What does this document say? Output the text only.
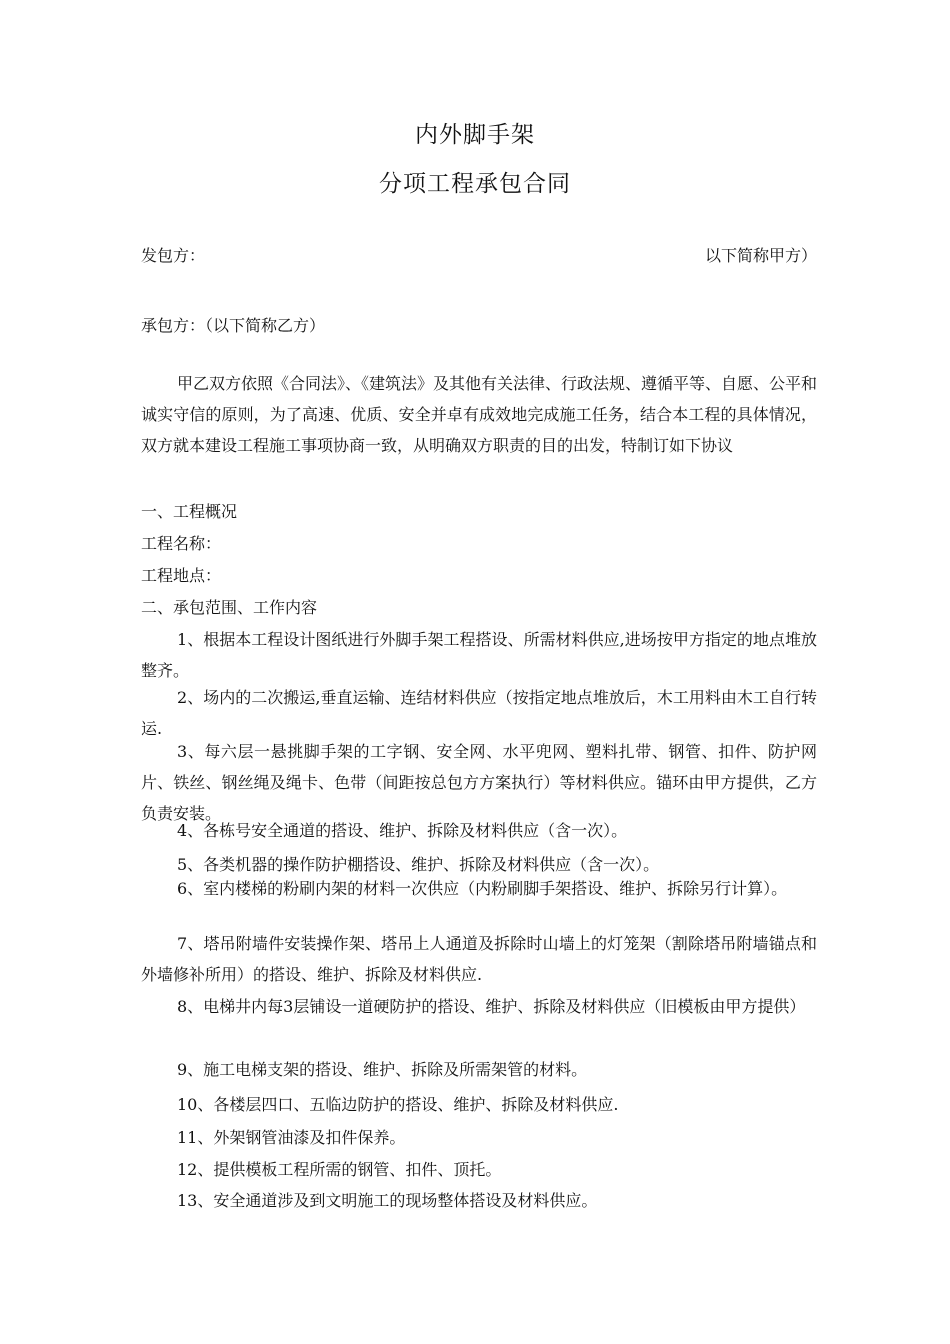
内外脚手架
分项工程承包合同
发包方：	以下简称甲方）
承包方：（以下简称乙方）
甲乙双方依照《合同法》、《建筑法》及其他有关法律、行政法规、遵循平等、自愿、公平和诚实守信的原则，为了高速、优质、安全并卓有成效地完成施工任务，结合本工程的具体情况，双方就本建设工程施工事项协商一致，从明确双方职责的目的出发，特制订如下协议
一、工程概况
工程名称：
工程地点：
二、承包范围、工作内容
1、根据本工程设计图纸进行外脚手架工程搭设、所需材料供应,进场按甲方指定的地点堆放整齐。
2、场内的二次搬运,垂直运输、连结材料供应（按指定地点堆放后，木工用料由木工自行转运.
3、每六层一悬挑脚手架的工字钢、安全网、水平兜网、塑料扎带、钢管、扣件、防护网片、铁丝、钢丝绳及绳卡、色带（间距按总包方方案执行）等材料供应。锚环由甲方提供，乙方负责安装。
4、各栋号安全通道的搭设、维护、拆除及材料供应（含一次）。
5、各类机器的操作防护棚搭设、维护、拆除及材料供应（含一次）。
6、室内楼梯的粉刷内架的材料一次供应（内粉刷脚手架搭设、维护、拆除另行计算）。
7、塔吊附墙件安装操作架、塔吊上人通道及拆除时山墙上的灯笼架（割除塔吊附墙锚点和外墙修补所用）的搭设、维护、拆除及材料供应.
8、电梯井内每3层铺设一道硬防护的搭设、维护、拆除及材料供应（旧模板由甲方提供）
9、施工电梯支架的搭设、维护、拆除及所需架管的材料。
10、各楼层四口、五临边防护的搭设、维护、拆除及材料供应.
11、外架钢管油漆及扣件保养。
12、提供模板工程所需的钢管、扣件、顶托。
13、安全通道涉及到文明施工的现场整体搭设及材料供应。
